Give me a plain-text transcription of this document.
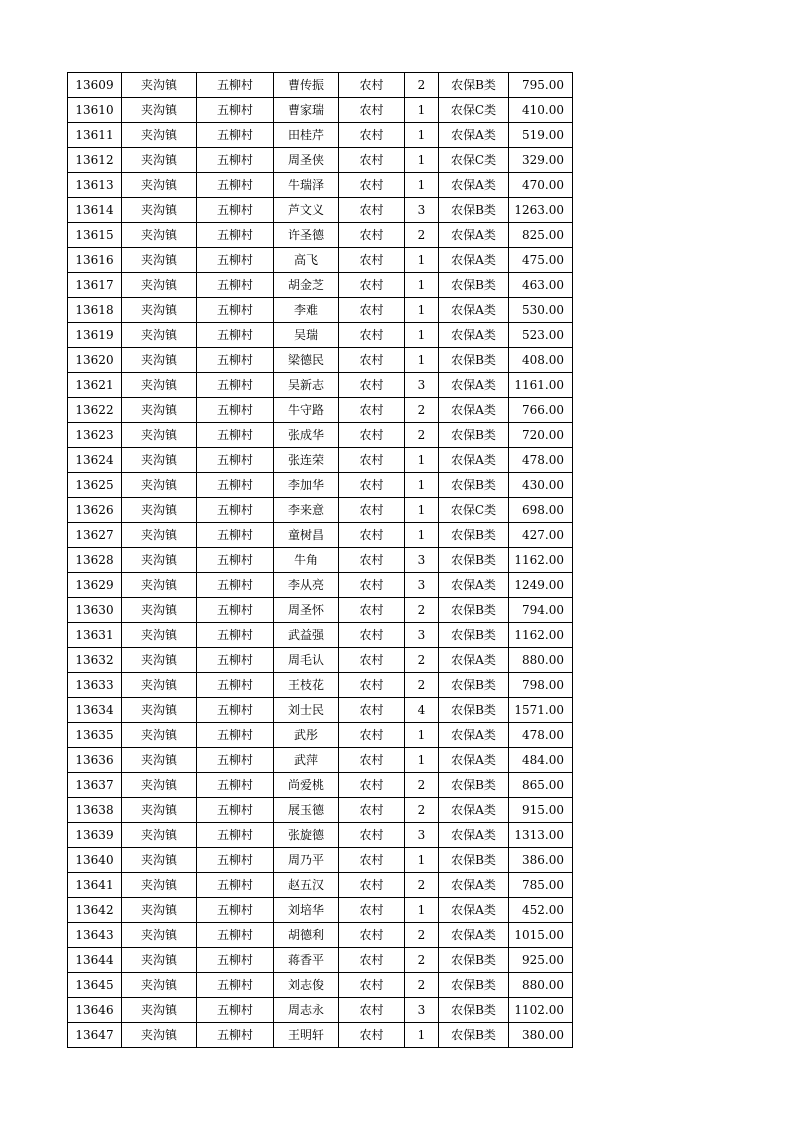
13609	夹沟镇	五柳村	曹传振	农村	2	农保B类	795.00
13610	夹沟镇	五柳村	曹家瑞	农村	1	农保C类	410.00
13611	夹沟镇	五柳村	田桂芹	农村	1	农保A类	519.00
13612	夹沟镇	五柳村	周圣侠	农村	1	农保C类	329.00
13613	夹沟镇	五柳村	牛瑞泽	农村	1	农保A类	470.00
13614	夹沟镇	五柳村	芦文义	农村	3	农保B类	1263.00
13615	夹沟镇	五柳村	许圣德	农村	2	农保A类	825.00
13616	夹沟镇	五柳村	高飞	农村	1	农保A类	475.00
13617	夹沟镇	五柳村	胡金芝	农村	1	农保B类	463.00
13618	夹沟镇	五柳村	李难	农村	1	农保A类	530.00
13619	夹沟镇	五柳村	吴瑞	农村	1	农保A类	523.00
13620	夹沟镇	五柳村	梁德民	农村	1	农保B类	408.00
13621	夹沟镇	五柳村	吴新志	农村	3	农保A类	1161.00
13622	夹沟镇	五柳村	牛守路	农村	2	农保A类	766.00
13623	夹沟镇	五柳村	张成华	农村	2	农保B类	720.00
13624	夹沟镇	五柳村	张连荣	农村	1	农保A类	478.00
13625	夹沟镇	五柳村	李加华	农村	1	农保B类	430.00
13626	夹沟镇	五柳村	李来意	农村	1	农保C类	698.00
13627	夹沟镇	五柳村	童树昌	农村	1	农保B类	427.00
13628	夹沟镇	五柳村	牛角	农村	3	农保B类	1162.00
13629	夹沟镇	五柳村	李从亮	农村	3	农保A类	1249.00
13630	夹沟镇	五柳村	周圣怀	农村	2	农保B类	794.00
13631	夹沟镇	五柳村	武益强	农村	3	农保B类	1162.00
13632	夹沟镇	五柳村	周毛认	农村	2	农保A类	880.00
13633	夹沟镇	五柳村	王枝花	农村	2	农保B类	798.00
13634	夹沟镇	五柳村	刘士民	农村	4	农保B类	1571.00
13635	夹沟镇	五柳村	武彤	农村	1	农保A类	478.00
13636	夹沟镇	五柳村	武萍	农村	1	农保A类	484.00
13637	夹沟镇	五柳村	尚爱桃	农村	2	农保B类	865.00
13638	夹沟镇	五柳村	展玉德	农村	2	农保A类	915.00
13639	夹沟镇	五柳村	张旋德	农村	3	农保A类	1313.00
13640	夹沟镇	五柳村	周乃平	农村	1	农保B类	386.00
13641	夹沟镇	五柳村	赵五汉	农村	2	农保A类	785.00
13642	夹沟镇	五柳村	刘培华	农村	1	农保A类	452.00
13643	夹沟镇	五柳村	胡德利	农村	2	农保A类	1015.00
13644	夹沟镇	五柳村	蒋香平	农村	2	农保B类	925.00
13645	夹沟镇	五柳村	刘志俊	农村	2	农保B类	880.00
13646	夹沟镇	五柳村	周志永	农村	3	农保B类	1102.00
13647	夹沟镇	五柳村	王明轩	农村	1	农保B类	380.00
